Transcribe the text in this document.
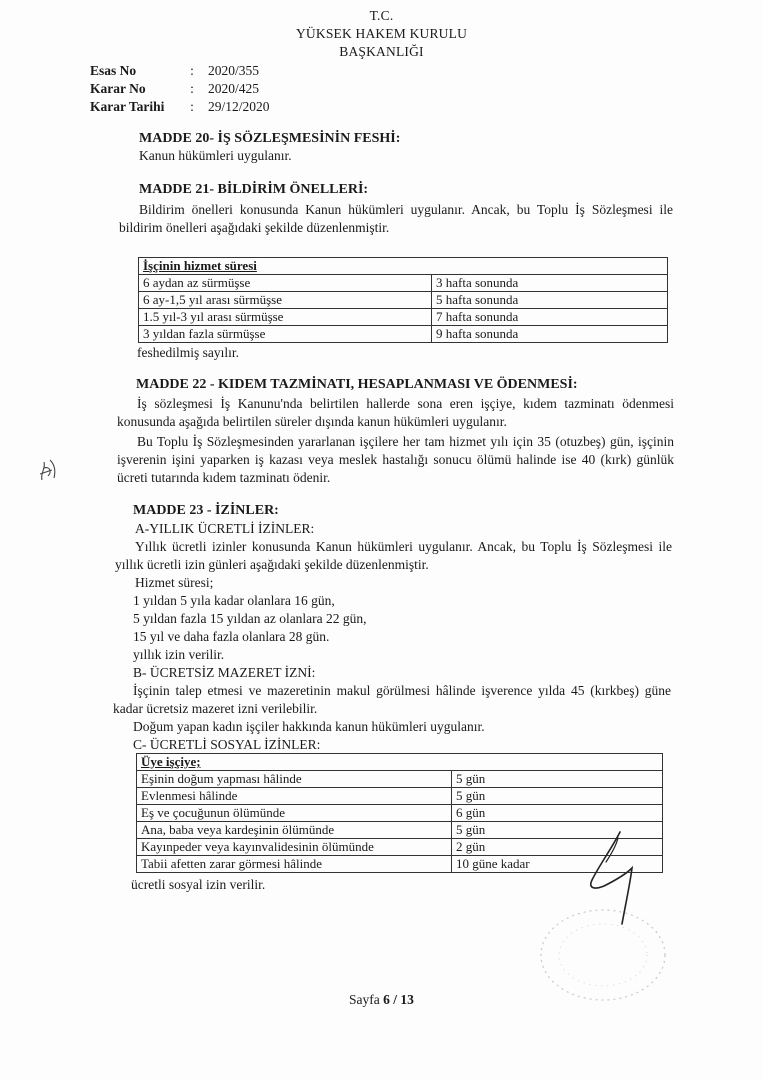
T.C.
YÜKSEK HAKEM KURULU
BAŞKANLIĞI
Esas No	:	2020/355
Karar No	:	2020/425
Karar Tarihi	:	29/12/2020
MADDE 20- İŞ SÖZLEŞMESİNİN FESHİ:
Kanun hükümleri uygulanır.
MADDE 21- BİLDİRİM ÖNELLERİ:
Bildirim önelleri konusunda Kanun hükümleri uygulanır. Ancak, bu Toplu İş Sözleşmesi ile bildirim önelleri aşağıdaki şekilde düzenlenmiştir.
İşçinin hizmet süresi	
6 aydan az sürmüşse	3 hafta sonunda
6 ay-1,5 yıl arası sürmüşse	5 hafta sonunda
1.5 yıl-3 yıl arası sürmüşse	7 hafta sonunda
3 yıldan fazla sürmüşse	9 hafta sonunda
feshedilmiş sayılır.
MADDE 22 - KIDEM TAZMİNATI, HESAPLANMASI VE ÖDENMESİ:
İş sözleşmesi İş Kanunu'nda belirtilen hallerde sona eren işçiye, kıdem tazminatı ödenmesi konusunda aşağıda belirtilen süreler dışında kanun hükümleri uygulanır.
Bu Toplu İş Sözleşmesinden yararlanan işçilere her tam hizmet yılı için 35 (otuzbeş) gün, işçinin işverenin işini yaparken iş kazası veya meslek hastalığı sonucu ölümü halinde ise 40 (kırk) günlük ücreti tutarında kıdem tazminatı ödenir.
MADDE 23 - İZİNLER:
A-YILLIK ÜCRETLİ İZİNLER:
Yıllık ücretli izinler konusunda Kanun hükümleri uygulanır. Ancak, bu Toplu İş Sözleşmesi ile yıllık ücretli izin günleri aşağıdaki şekilde düzenlenmiştir.
Hizmet süresi;
1 yıldan 5 yıla kadar olanlara 16 gün,
5 yıldan fazla 15 yıldan az olanlara 22 gün,
15 yıl ve daha fazla olanlara 28 gün.
yıllık izin verilir.
B- ÜCRETSİZ MAZERET İZNİ:
İşçinin talep etmesi ve mazeretinin makul görülmesi hâlinde işverence yılda 45 (kırkbeş) güne kadar ücretsiz mazeret izni verilebilir.
Doğum yapan kadın işçiler hakkında kanun hükümleri uygulanır.
C- ÜCRETLİ SOSYAL İZİNLER:
Üye işçiye;	
Eşinin doğum yapması hâlinde	5 gün
Evlenmesi hâlinde	5 gün
Eş ve çocuğunun ölümünde	6 gün
Ana, baba veya kardeşinin ölümünde	5 gün
Kayınpeder veya kayınvalidesinin ölümünde	2 gün
Tabii afetten zarar görmesi hâlinde	10 güne kadar
ücretli sosyal izin verilir.
Sayfa 6 / 13
